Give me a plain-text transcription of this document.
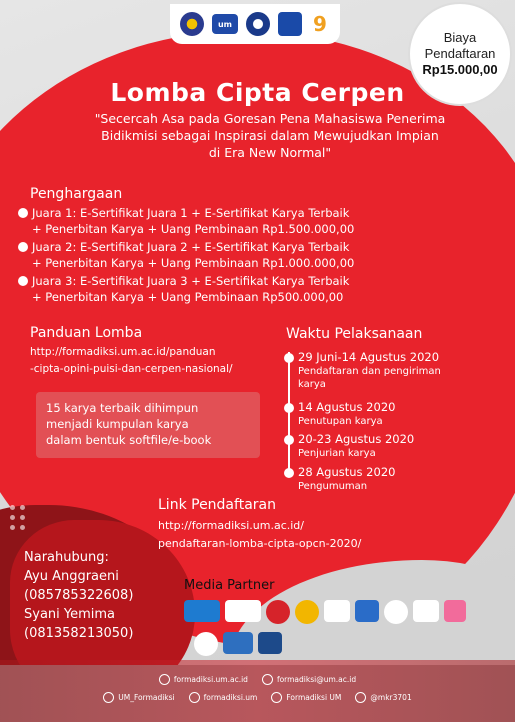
um	9
Biaya
Pendaftaran
Rp15.000,00
Lomba Cipta Cerpen
"Secercah Asa pada Goresan Pena Mahasiswa Penerima
Bidikmisi sebagai Inspirasi dalam Mewujudkan Impian
di Era New Normal"
Penghargaan
Juara 1: E-Sertifikat Juara 1 + E-Sertifikat Karya Terbaik
+ Penerbitan Karya + Uang Pembinaan Rp1.500.000,00
Juara 2: E-Sertifikat Juara 2 + E-Sertifikat Karya Terbaik
+ Penerbitan Karya + Uang Pembinaan Rp1.000.000,00
Juara 3: E-Sertifikat Juara 3 + E-Sertifikat Karya Terbaik
+ Penerbitan Karya + Uang Pembinaan Rp500.000,00
Panduan Lomba
http://formadiksi.um.ac.id/panduan
-cipta-opini-puisi-dan-cerpen-nasional/
15 karya terbaik dihimpun
menjadi kumpulan karya
dalam bentuk softfile/e-book
Waktu Pelaksanaan
29 Juni-14 Agustus 2020
Pendaftaran dan pengiriman
karya
14 Agustus 2020
Penutupan karya
20-23 Agustus 2020
Penjurian karya
28 Agustus 2020
Pengumuman
Link Pendaftaran
http://formadiksi.um.ac.id/
pendaftaran-lomba-cipta-opcn-2020/
Narahubung:
Ayu Anggraeni
(085785322608)
Syani Yemima
(081358213050)
Media Partner
formadiksi.um.ac.id	formadiksi@um.ac.id
UM_Formadiksi	formadiksi.um	Formadiksi UM	@mkr3701
